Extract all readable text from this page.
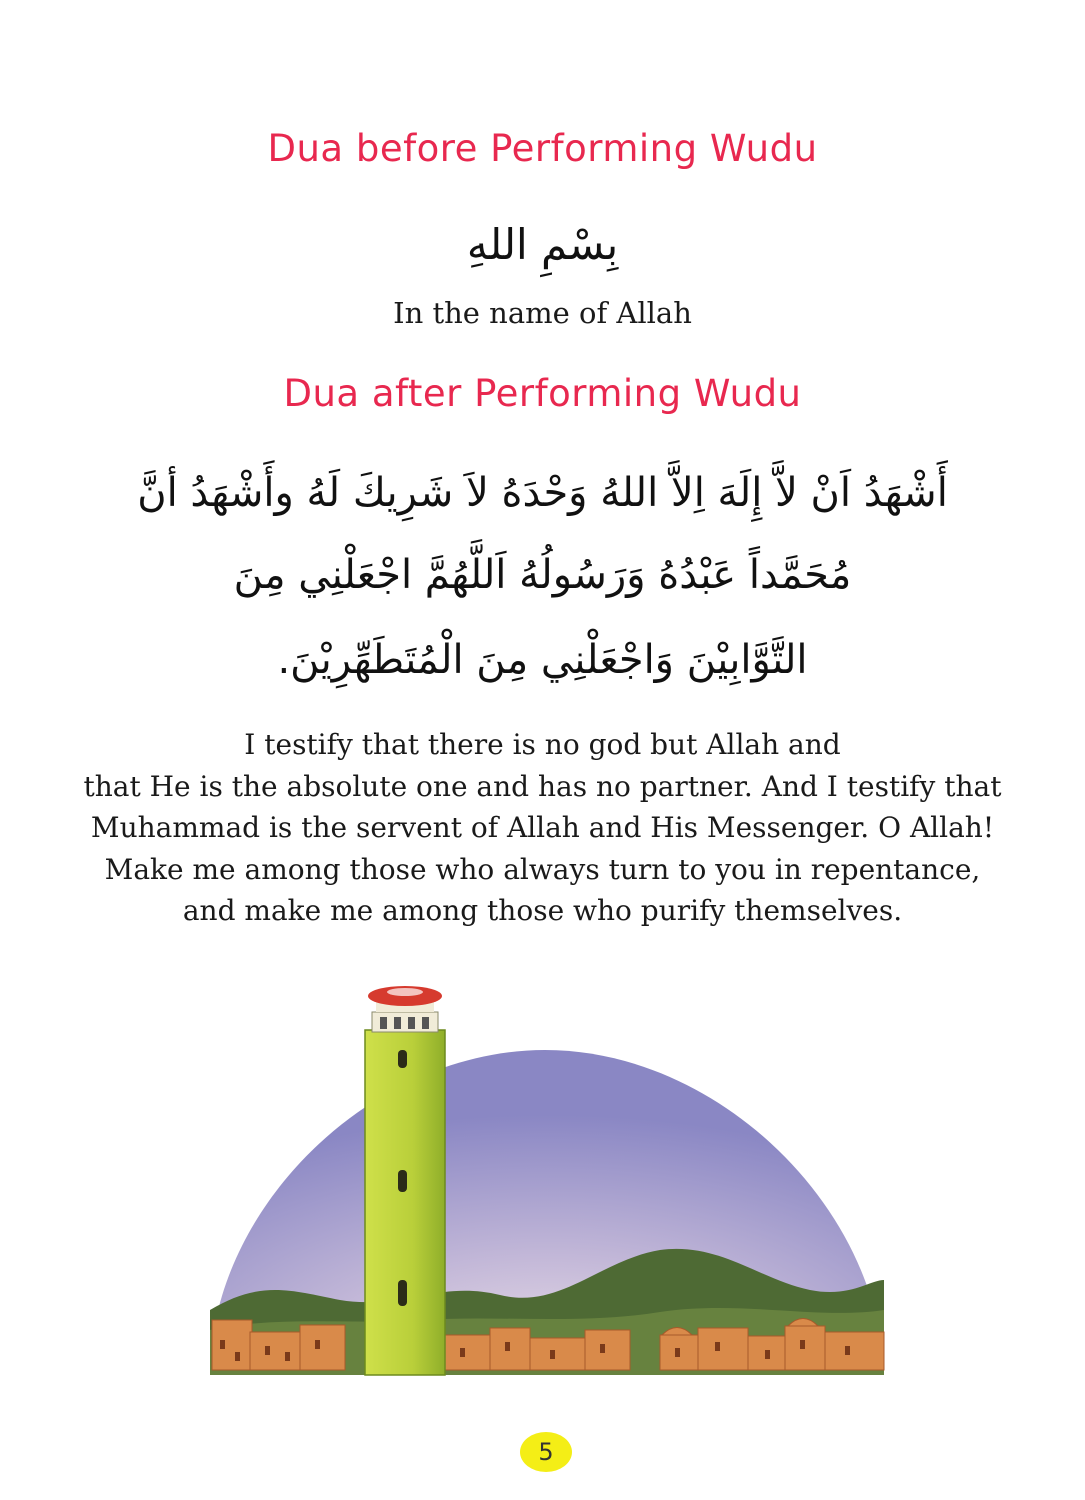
Dua before Performing Wudu
بِسْمِ اللهِ
In the name of Allah
Dua after Performing Wudu
أَشْهَدُ اَنْ لاَّ إِلَهَ اِلاَّ اللهُ وَحْدَهُ لاَ شَرِيكَ لَهُ وأَشْهَدُ أنَّ
مُحَمَّداً عَبْدُهُ وَرَسُولُهُ اَللَّهُمَّ اجْعَلْنِي مِنَ
التَّوَّابِيْنَ وَاجْعَلْنِي مِنَ الْمُتَطَهِّرِيْنَ.
I testify that there is no god but Allah and
that He is the absolute one and has no partner. And I testify that
Muhammad is the servent of Allah and His Messenger. O Allah!
Make me among those who always turn to you in repentance,
and make me among those who purify themselves.
5
